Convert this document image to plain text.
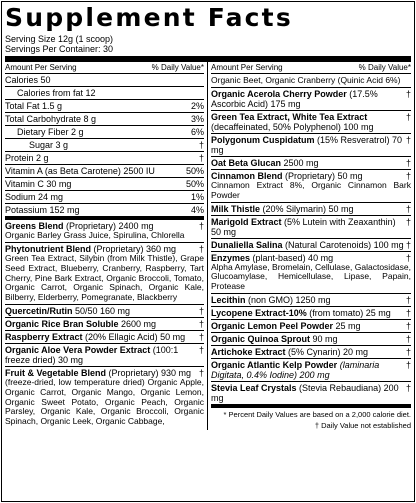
Supplement Facts
Serving Size 12g (1 scoop)
Servings Per Container: 30
Amount Per Serving	% Daily Value*
Calories 50
Calories from fat 12
2%
Total Fat 1.5 g
3%
Total Carbohydrate 8 g
6%
Dietary Fiber 2 g
†
Sugar 3 g
†
Protein 2 g
50%
Vitamin A (as Beta Carotene) 2500 IU
50%
Vitamin C 30 mg
1%
Sodium 24 mg
4%
Potassium 152 mg
†
Greens Blend (Proprietary) 2400 mg
Organic Barley Grass Juice, Spirulina, Chlorella
†
Phytonutrient Blend (Proprietary) 360 mg
Green Tea Extract, Silybin (from Milk Thistle), Grape Seed Extract, Blueberry, Cranberry, Raspberry, Tart Cherry, Pine Bark Extract, Organic Broccoli, Tomato, Organic Carrot, Organic Spinach, Organic Kale, Bilberry, Elderberry, Pomegranate, Blackberry
†
Quercetin/Rutin 50/50 160 mg
†
Organic Rice Bran Soluble 2600 mg
†
Raspberry Extract (20% Ellagic Acid) 50 mg
†
Organic Aloe Vera Powder Extract (100:1 freeze dried) 30 mg
†
Fruit & Vegetable Blend (Proprietary) 930 mg
(freeze-dried, low temperature dried) Organic Apple, Organic Carrot, Organic Mango, Organic Lemon, Organic Sweet Potato, Organic Peach, Organic Parsley, Organic Kale, Organic Broccoli, Organic Spinach, Organic Leek, Organic Cabbage,
Amount Per Serving	% Daily Value*
Organic Beet, Organic Cranberry (Quinic Acid 6%)
†
Organic Acerola Cherry Powder (17.5% Ascorbic Acid) 175 mg
†
Green Tea Extract, White Tea Extract (decaffeinated, 50% Polyphenol) 100 mg
†
Polygonum Cuspidatum (15% Resveratrol) 70 mg
†
Oat Beta Glucan 2500 mg
†
Cinnamon Blend (Proprietary) 50 mg
Cinnamon Extract 8%, Organic Cinnamon Bark Powder
†
Milk Thistle (20% Silymarin) 50 mg
†
Marigold Extract (5% Lutein with Zeaxanthin) 50 mg
†
Dunaliella Salina (Natural Carotenoids) 100 mg
†
Enzymes (plant-based) 40 mg
Alpha Amylase, Bromelain, Cellulase, Galactosidase, Glucoamylase, Hemicellulase, Lipase, Papain, Protease
†
Lecithin (non GMO) 1250 mg
†
Lycopene Extract-10% (from tomato) 25 mg
†
Organic Lemon Peel Powder 25 mg
†
Organic Quinoa Sprout 90 mg
†
Artichoke Extract (5% Cynarin) 20 mg
†
Organic Atlantic Kelp Powder (laminaria Digitata, 0.4% Iodine) 200 mg
†
Stevia Leaf Crystals (Stevia Rebaudiana) 200 mg
* Percent Daily Values are based on a 2,000 calorie diet.
† Daily Value not established
